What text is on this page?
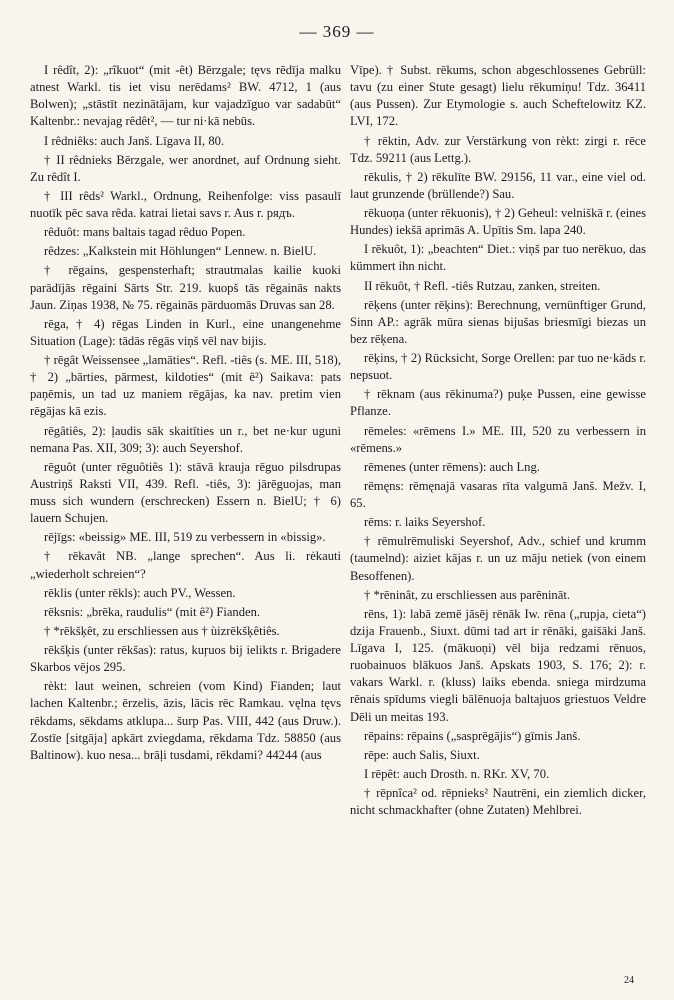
— 369 —
I rêdît, 2): „rîkuot“ (mit -êt) Bērzgale; tęvs rēdīja malku atnest Warkl. tis iet visu nerēdams² BW. 4712, 1 (aus Bolwen); „stāstīt nezinātājam, kur vajadzīguo var sadabūt“ Kaltenbr.: nevajag rêdêt², — tur ni·kā nebūs.
I rêdniêks: auch Janš. Līgava II, 80.
† II rêdnieks Bērzgale, wer anordnet, auf Ordnung sieht. Zu rêdît I.
† III rêds² Warkl., Ordnung, Reihenfolge: viss pasaulī nuotīk pēc sava rêda. katrai lietai savs r. Aus r. рядъ.
rêduôt: mans baltais tagad rêduo Popen.
rêdzes: „Kalkstein mit Höhlungen“ Lennew. n. BielU.
† rēgains, gespensterhaft; strautmalas kailie kuoki parādījās rēgaini Sārts Str. 219. kuopš tās rēgainās nakts Jaun. Ziņas 1938, № 75. rēgainās pārduomās Druvas san 28.
rēga, † 4) rēgas Linden in Kurl., eine unangenehme Situation (Lage): tādās rēgās viņš vēl nav bijis.
† rēgât Weissensee „lamāties“. Refl. -tiês (s. ME. III, 518), † 2) „bārties, pārmest, kildoties“ (mit ê²) Saikava: pats paņēmis, un tad uz maniem rēgājas, ka nav. pretim vien rēgājas kā ezis.
rēgâtiês, 2): ļaudis sāk skaitīties un r., bet ne·kur uguni nemana Pas. XII, 309; 3): auch Seyershof.
rēguôt (unter rēguôtiês 1): stāvā krauja rēguo pilsdrupas Austriņš Raksti VII, 439. Refl. -tiês, 3): jārēguojas, man muss sich wundern (erschrecken) Essern n. BielU; † 6) lauern Schujen.
rējīgs: «beissig» ME. III, 519 zu verbessern in «bissig».
† rēkavât NB. „lange sprechen“. Aus li. rėkauti „wiederholt schreien“?
rēklis (unter rēkls): auch PV., Wessen.
rēksnis: „brēka, raudulis“ (mit ê²) Fianden.
† *rēkšķêt, zu erschliessen aus † ùizrēkšķêtiês.
rēkšķis (unter rēkšas): ratus, kuŗuos bij ielikts r. Brigadere Skarbos vējos 295.
rèkt: laut weinen, schreien (vom Kind) Fianden; laut lachen Kaltenbr.; ērzelis, āzis, lācis rēc Ramkau. vęlna tęvs rēkdams, sēkdams atklupa... šurp Pas. VIII, 442 (aus Druw.). Zostīe [sitgāja] apkārt zviegdama, rēkdama Tdz. 58850 (aus Baltinow). kuo nesa... brāļi tusdami, rēkdami? 44244 (aus
Vīpe). † Subst. rēkums, schon abgeschlossenes Gebrüll: tavu (zu einer Stute gesagt) lielu rēkumiņu! Tdz. 36411 (aus Pussen). Zur Etymologie s. auch Scheftelowitz KZ. LVI, 172.
† rēktin, Adv. zur Verstärkung von rèkt: zirgi r. rēce Tdz. 59211 (aus Lettg.).
rēkulis, † 2) rēkulīte BW. 29156, 11 var., eine viel od. laut grunzende (brüllende?) Sau.
rēkuoņa (unter rēkuonis), † 2) Geheul: velniškā r. (eines Hundes) iekšā aprimās A. Upītis Sm. lapa 240.
I rēkuôt, 1): „beachten“ Diet.: viņš par tuo nerēkuo, das kümmert ihn nicht.
II rēkuôt, † Refl. -tiês Rutzau, zanken, streiten.
rēķens (unter rēķins): Berechnung, vernünftiger Grund, Sinn AP.: agrāk mūra sienas bijušas briesmīgi biezas un bez rēķena.
rēķins, † 2) Rücksicht, Sorge Orellen: par tuo ne·kāds r. nepsuot.
† rēknam (aus rēkinuma?) puķe Pussen, eine gewisse Pflanze.
rēmeles: «rēmens I.» ME. III, 520 zu verbessern in «rēmens.»
rēmenes (unter rēmens): auch Lng.
rēmęns: rēmęnajā vasaras rīta valgumā Janš. Mežv. I, 65.
rēms: r. laiks Seyershof.
† rēmulrēmuliski Seyershof, Adv., schief und krumm (taumelnd): aiziet kājas r. un uz māju netiek (von einem Besoffenen).
† *rēninât, zu erschliessen aus parēnināt.
rēns, 1): labā zemē jāsēj rēnāk Iw. rēna („rupja, cieta“) dzija Frauenb., Siuxt. dūmi tad art ir rēnāki, gaišāki Janš. Līgava I, 125. (mākuoņi) vēl bija redzami rēnuos, ruobainuos blākuos Janš. Apskats 1903, S. 176; 2): r. vakars Warkl. r. (kluss) laiks ebenda. sniega mirdzuma rēnais spīdums viegli bālēnuoja baltajuos griestuos Veldre Dēli un meitas 193.
rēpains: rēpains („sasprēgājis“) gīmis Janš.
rēpe: auch Salis, Siuxt.
I rēpêt: auch Drosth. n. RKr. XV, 70.
† rēpnîca² od. rēpnieks² Nautrēni, ein ziemlich dicker, nicht schmackhafter (ohne Zutaten) Mehlbrei.
24
